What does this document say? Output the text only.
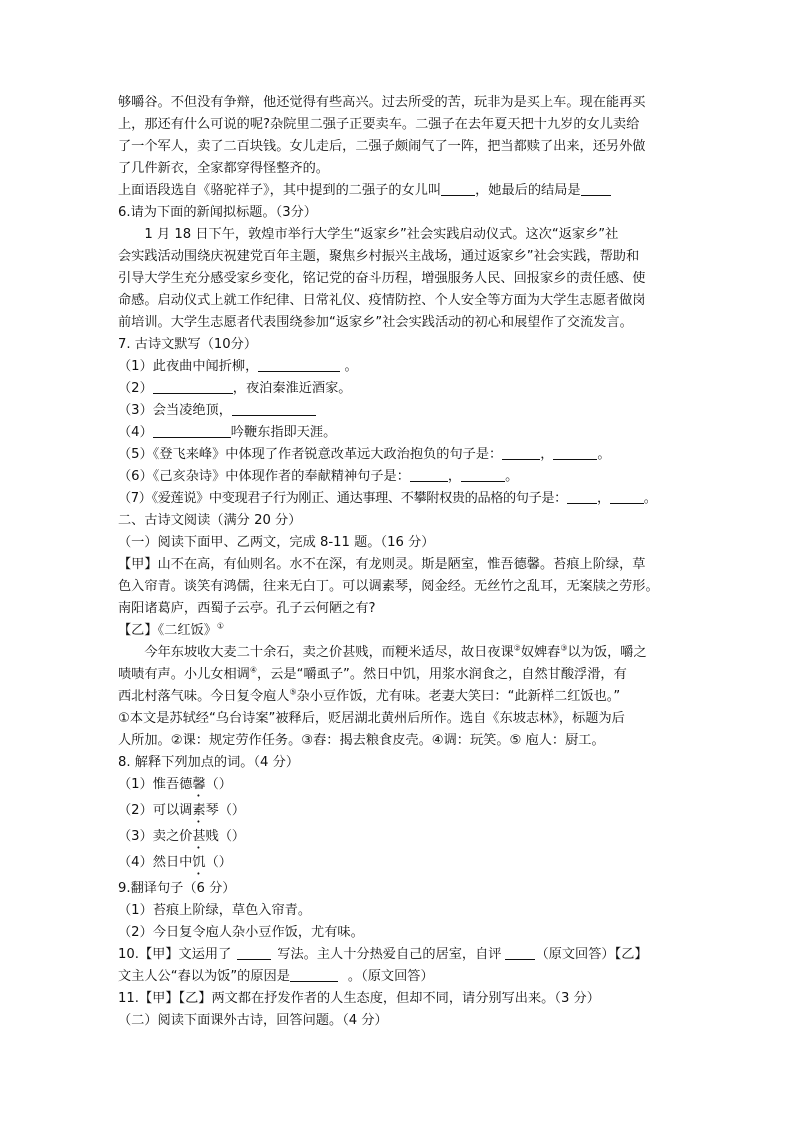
够嚼谷。不但没有争辩，他还觉得有些高兴。过去所受的苦，玩非为是买上车。现在能再买

上，那还有什么可说的呢?杂院里二强子正要卖车。二强子在去年夏天把十九岁的女儿卖给

了一个军人，卖了二百块钱。女儿走后，二强子颇闹气了一阵，把当都赎了出来，还另外做

了几件新衣，全家都穿得怪整齐的。

上面语段选自《骆驼祥子》，其中提到的二强子的女儿叫	，她最后的结局是

6.请为下面的新闻拟标题。（3分）

1 月 18 日下午，敦煌市举行大学生“返家乡”社会实践启动仪式。这次“返家乡”社

会实践活动围绕庆祝建党百年主题，聚焦乡村振兴主战场，通过返家乡”社会实践，帮助和

引导大学生充分感受家乡变化，铭记党的奋斗历程，增强服务人民、回报家乡的责任感、使

命感。启动仪式上就工作纪律、日常礼仪、疫情防控、个人安全等方面为大学生志愿者做岗

前培训。大学生志愿者代表围绕参加“返家乡”社会实践活动的初心和展望作了交流发言。

7. 古诗文默写（10分）

（1）此夜曲中闻折柳，	。

（2）	，夜泊秦淮近酒家。

（3）会当凌绝顶，

（4）	吟鞭东指即天涯。

（5）《登飞来峰》中体现了作者锐意改革远大政治抱负的句子是：	，	。

（6）《己亥杂诗》中体现作者的奉献精神句子是：	，	。

（7）《爱莲说》中变现君子行为刚正、通达事理、不攀附权贵的品格的句子是： ，	。

二、古诗文阅读（满分 20 分）

（一）阅读下面甲、乙两文，完成 8-11 题。（16 分）

【甲】山不在高，有仙则名。水不在深，有龙则灵。斯是陋室，惟吾德馨。苔痕上阶绿，草

色入帘青。谈笑有鸿儒，往来无白丁。可以调素琴，阅金经。无丝竹之乱耳，无案牍之劳形。

南阳诸葛庐，西蜀子云亭。孔子云何陋之有?

【乙】《二红饭》①

今年东坡收大麦二十余石，卖之价甚贱，而粳米适尽，故日夜课②奴婢舂③以为饭，嚼之

啧啧有声。小儿女相调④，云是“嚼虱子”。然日中饥，用浆水润食之，自然甘酸浮滑，有

西北村落气味。今日复令庖人⑤杂小豆作饭，尤有味。老妻大笑曰：“此新样二红饭也。”

①本文是苏轼经“乌台诗案”被释后，贬居湖北黄州后所作。选自《东坡志林》，标题为后

人所加。②课：规定劳作任务。③舂：揭去粮食皮壳。④调：玩笑。⑤ 庖人：厨工。

8. 解释下列加点的词。（4 分）

（1）惟吾德馨（）

（2）可以调素琴（）

（3）卖之价甚贱（）

（4）然日中饥（）

9.翻译句子（6 分）

（1）苔痕上阶绿，草色入帘青。

（2）今日复令庖人杂小豆作饭，尤有味。

10.【甲】文运用了	写法。主人十分热爱自己的居室，自评	（原文回答）【乙】

文主人公“舂以为饭”的原因是	。（原文回答）

11.【甲】【乙】两文都在抒发作者的人生态度，但却不同，请分别写出来。（3 分）

（二）阅读下面课外古诗，回答问题。（4 分）
